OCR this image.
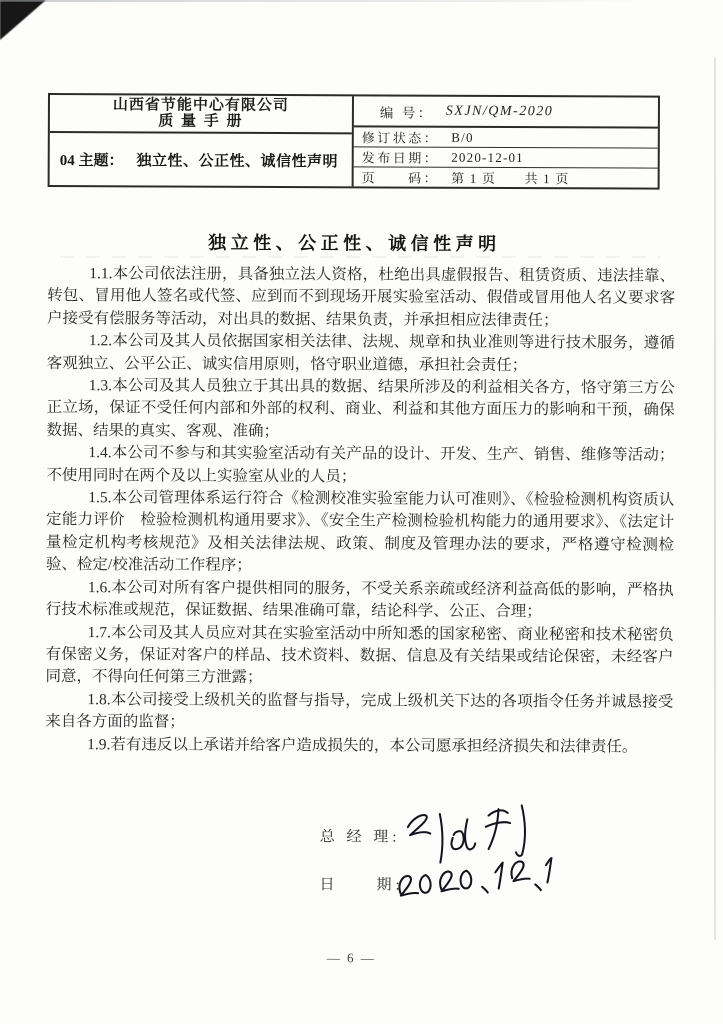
山西省节能中心有限公司
质 量 手 册
04 主题： 独立性、公正性、诚信性声明
编 号： SXJN/QM-2020
修订状态： B/0
发布日期： 2020-12-01
页　　码： 第 1 页　　共 1 页
独立性、公正性、诚信性声明

1.1.本公司依法注册，具备独立法人资格，杜绝出具虚假报告、租赁资质、违法挂靠、转包、冒用他人签名或代签、应到而不到现场开展实验室活动、假借或冒用他人名义要求客户接受有偿服务等活动，对出具的数据、结果负责，并承担相应法律责任；

1.2.本公司及其人员依据国家相关法律、法规、规章和执业准则等进行技术服务，遵循客观独立、公平公正、诚实信用原则，恪守职业道德，承担社会责任；

1.3.本公司及其人员独立于其出具的数据、结果所涉及的利益相关各方，恪守第三方公正立场，保证不受任何内部和外部的权利、商业、利益和其他方面压力的影响和干预，确保数据、结果的真实、客观、准确；

1.4.本公司不参与和其实验室活动有关产品的设计、开发、生产、销售、维修等活动；不使用同时在两个及以上实验室从业的人员；

1.5.本公司管理体系运行符合《检测校准实验室能力认可准则》、《检验检测机构资质认定能力评价　检验检测机构通用要求》、《安全生产检测检验机构能力的通用要求》、《法定计量检定机构考核规范》及相关法律法规、政策、制度及管理办法的要求，严格遵守检测检验、检定/校准活动工作程序；

1.6.本公司对所有客户提供相同的服务，不受关系亲疏或经济利益高低的影响，严格执行技术标准或规范，保证数据、结果准确可靠，结论科学、公正、合理；

1.7.本公司及其人员应对其在实验室活动中所知悉的国家秘密、商业秘密和技术秘密负有保密义务，保证对客户的样品、技术资料、数据、信息及有关结果或结论保密，未经客户同意，不得向任何第三方泄露；

1.8.本公司接受上级机关的监督与指导，完成上级机关下达的各项指令任务并诚恳接受来自各方面的监督；

1.9.若有违反以上承诺并给客户造成损失的，本公司愿承担经济损失和法律责任。

总 经 理:
日　　期:
— 6 —
